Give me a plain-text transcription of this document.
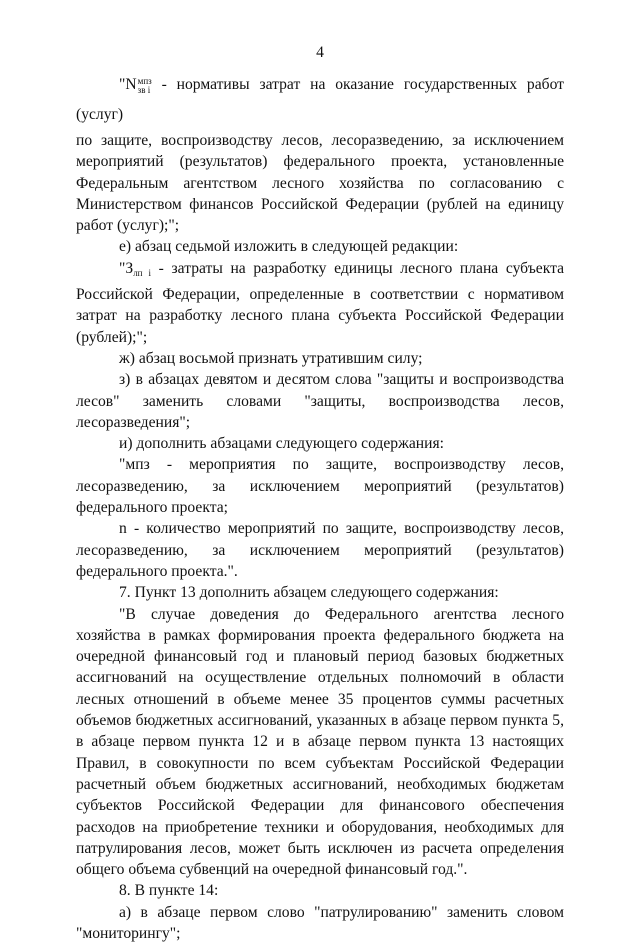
4

"N мпз
зв i - нормативы затрат на оказание государственных работ (услуг)

по защите, воспроизводству лесов, лесоразведению, за исключением мероприятий (результатов) федерального проекта, установленные Федеральным агентством лесного хозяйства по согласованию с Министерством финансов Российской Федерации (рублей на единицу работ (услуг);";

е) абзац седьмой изложить в следующей редакции:

"$З_{лп i}$ - затраты на разработку единицы лесного плана субъекта Российской Федерации, определенные в соответствии с нормативом затрат на разработку лесного плана субъекта Российской Федерации (рублей);";

ж) абзац восьмой признать утратившим силу;

з) в абзацах девятом и десятом слова "защиты и воспроизводства лесов" заменить словами "защиты, воспроизводства лесов, лесоразведения";

и) дополнить абзацами следующего содержания:

"мпз - мероприятия по защите, воспроизводству лесов, лесоразведению, за исключением мероприятий (результатов) федерального проекта;

n - количество мероприятий по защите, воспроизводству лесов, лесоразведению, за исключением мероприятий (результатов) федерального проекта.".

7. Пункт 13 дополнить абзацем следующего содержания:

"В случае доведения до Федерального агентства лесного хозяйства в рамках формирования проекта федерального бюджета на очередной финансовый год и плановый период базовых бюджетных ассигнований на осуществление отдельных полномочий в области лесных отношений в объеме менее 35 процентов суммы расчетных объемов бюджетных ассигнований, указанных в абзаце первом пункта 5, в абзаце первом пункта 12 и в абзаце первом пункта 13 настоящих Правил, в совокупности по всем субъектам Российской Федерации расчетный объем бюджетных ассигнований, необходимых бюджетам субъектов Российской Федерации для финансового обеспечения расходов на приобретение техники и оборудования, необходимых для патрулирования лесов, может быть исключен из расчета определения общего объема субвенций на очередной финансовый год.".

8. В пункте 14:

а) в абзаце первом слово "патрулированию" заменить словом "мониторингу";
